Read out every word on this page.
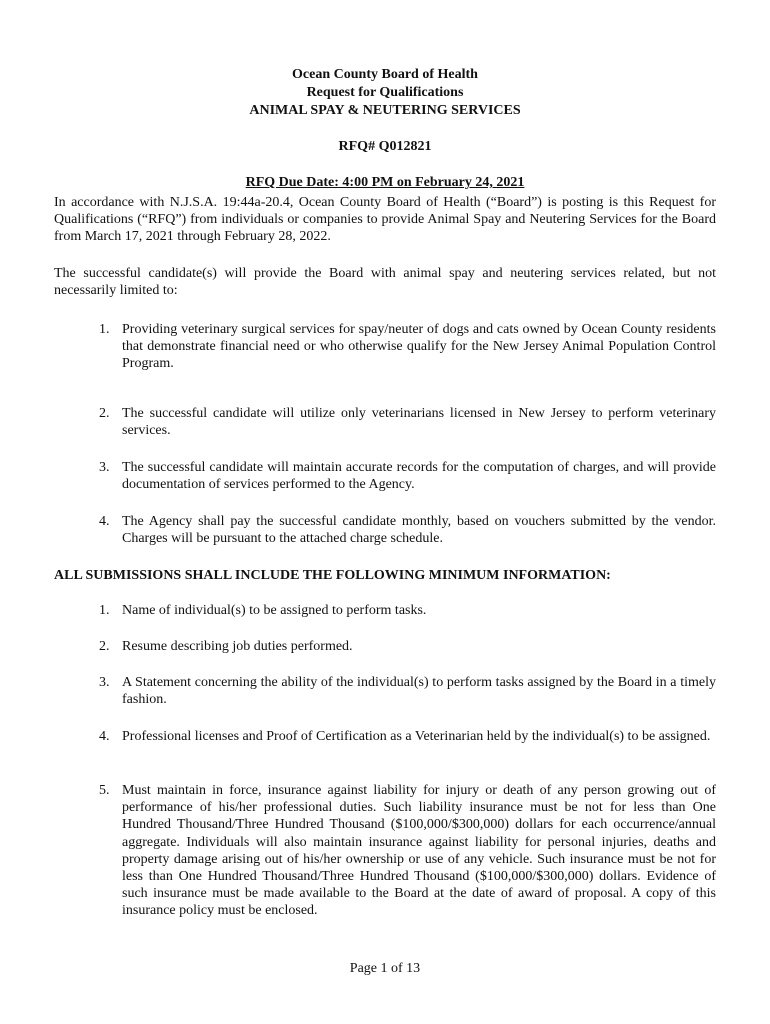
Ocean County Board of Health
Request for Qualifications
ANIMAL SPAY & NEUTERING SERVICES
RFQ# Q012821
RFQ Due Date: 4:00 PM on February 24, 2021

In accordance with N.J.S.A. 19:44a-20.4, Ocean County Board of Health (“Board”) is posting is this Request for Qualifications (“RFQ”) from individuals or companies to provide Animal Spay and Neutering Services for the Board from March 17, 2021 through February 28, 2022.

The successful candidate(s) will provide the Board with animal spay and neutering services related, but not necessarily limited to:

1. Providing veterinary surgical services for spay/neuter of dogs and cats owned by Ocean County residents that demonstrate financial need or who otherwise qualify for the New Jersey Animal Population Control Program.
2. The successful candidate will utilize only veterinarians licensed in New Jersey to perform veterinary services.
3. The successful candidate will maintain accurate records for the computation of charges, and will provide documentation of services performed to the Agency.
4. The Agency shall pay the successful candidate monthly, based on vouchers submitted by the vendor. Charges will be pursuant to the attached charge schedule.
ALL SUBMISSIONS SHALL INCLUDE THE FOLLOWING MINIMUM INFORMATION:
1. Name of individual(s) to be assigned to perform tasks.
2. Resume describing job duties performed.
3. A Statement concerning the ability of the individual(s) to perform tasks assigned by the Board in a timely fashion.
4. Professional licenses and Proof of Certification as a Veterinarian held by the individual(s) to be assigned.
5. Must maintain in force, insurance against liability for injury or death of any person growing out of performance of his/her professional duties. Such liability insurance must be not for less than One Hundred Thousand/Three Hundred Thousand ($100,000/$300,000) dollars for each occurrence/annual aggregate. Individuals will also maintain insurance against liability for personal injuries, deaths and property damage arising out of his/her ownership or use of any vehicle. Such insurance must be not for less than One Hundred Thousand/Three Hundred Thousand ($100,000/$300,000) dollars. Evidence of such insurance must be made available to the Board at the date of award of proposal. A copy of this insurance policy must be enclosed.
Page 1 of 13
